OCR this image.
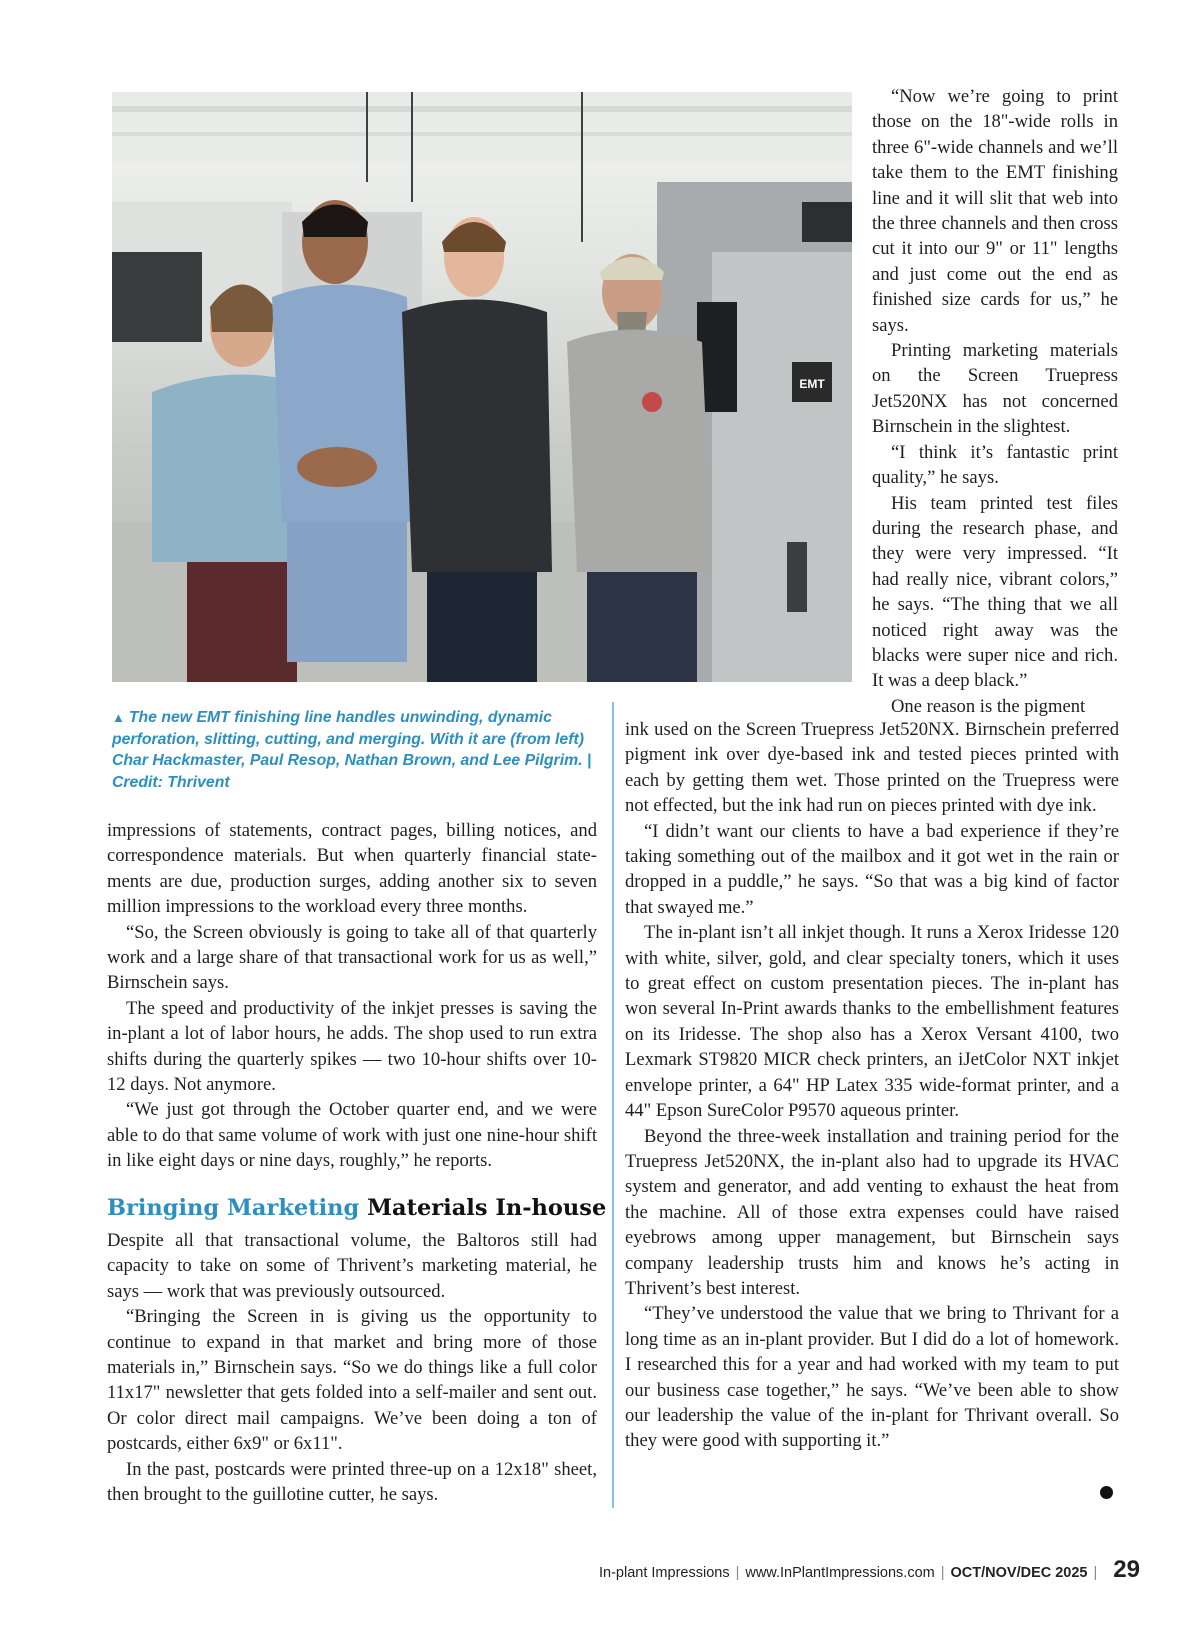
EMT
▲ The new EMT finishing line handles unwinding, dynamic perforation, slitting, cutting, and merging. With it are (from left) Char Hackmaster, Paul Resop, Nathan Brown, and Lee Pilgrim. | Credit: Thrivent

“Now we’re going to print those on the 18"-wide rolls in three 6"-wide channels and we’ll take them to the EMT finishing line and it will slit that web into the three channels and then cross cut it into our 9" or 11" lengths and just come out the end as finished size cards for us,” he says.

Printing marketing materials on the Screen Truepress Jet520NX has not concerned Birnschein in the slightest.

“I think it’s fantastic print quality,” he says.

His team printed test files during the research phase, and they were very impressed. “It had really nice, vibrant colors,” he says. “The thing that we all noticed right away was the blacks were super nice and rich. It was a deep black.”

One reason is the pigment

ink used on the Screen Truepress Jet520NX. Birnschein preferred pigment ink over dye-based ink and tested pieces printed with each by getting them wet. Those printed on the Truepress were not effected, but the ink had run on pieces printed with dye ink.

“I didn’t want our clients to have a bad experience if they’re taking something out of the mailbox and it got wet in the rain or dropped in a puddle,” he says. “So that was a big kind of factor that swayed me.”

The in-plant isn’t all inkjet though. It runs a Xerox Iridesse 120 with white, silver, gold, and clear specialty toners, which it uses to great effect on custom presentation pieces. The in-plant has won several In-Print awards thanks to the embellishment features on its Iridesse. The shop also has a Xerox Versant 4100, two Lexmark ST9820 MICR check printers, an iJetColor NXT inkjet envelope printer, a 64" HP Latex 335 wide-format printer, and a 44" Epson SureColor P9570 aqueous printer.

Beyond the three-week installation and training period for the Truepress Jet520NX, the in-plant also had to upgrade its HVAC system and generator, and add venting to exhaust the heat from the machine. All of those extra expenses could have raised eyebrows among upper management, but Birnschein says company leadership trusts him and knows he’s acting in Thrivent’s best interest.

“They’ve understood the value that we bring to Thrivant for a long time as an in-plant provider. But I did do a lot of homework. I researched this for a year and had worked with my team to put our business case together,” he says. “We’ve been able to show our leadership the value of the in-plant for Thrivant overall. So they were good with supporting it.”

impressions of statements, contract pages, billing notices, and correspondence materials. But when quarterly financial statements are due, production surges, adding another six to seven million impressions to the workload every three months.

“So, the Screen obviously is going to take all of that quarterly work and a large share of that transactional work for us as well,” Birnschein says.

The speed and productivity of the inkjet presses is saving the in-plant a lot of labor hours, he adds. The shop used to run extra shifts during the quarterly spikes — two 10-hour shifts over 10-12 days. Not anymore.

“We just got through the October quarter end, and we were able to do that same volume of work with just one nine-hour shift in like eight days or nine days, roughly,” he reports.

Bringing Marketing Materials In-house

Despite all that transactional volume, the Baltoros still had capacity to take on some of Thrivent’s marketing material, he says — work that was previously outsourced.

“Bringing the Screen in is giving us the opportunity to continue to expand in that market and bring more of those materials in,” Birnschein says. “So we do things like a full color 11x17" newsletter that gets folded into a self-mailer and sent out. Or color direct mail campaigns. We’ve been doing a ton of postcards, either 6x9" or 6x11".

In the past, postcards were printed three-up on a 12x18" sheet, then brought to the guillotine cutter, he says.

In-plant Impressions | www.InPlantImpressions.com | OCT/NOV/DEC 2025 | 29
